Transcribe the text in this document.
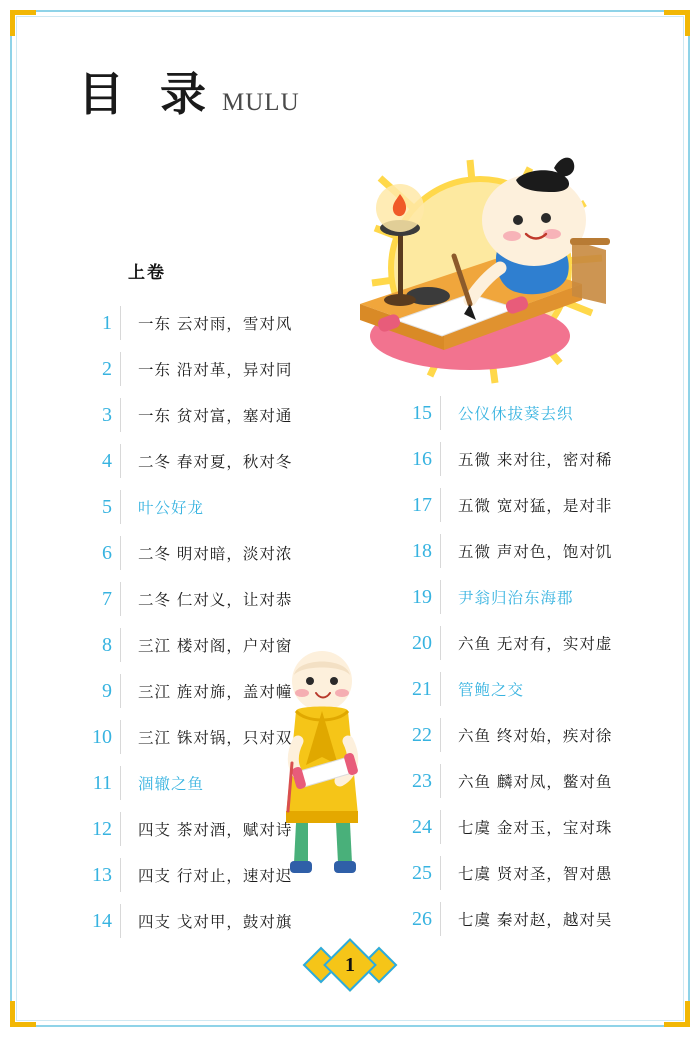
目 录 MULU
上卷
1	一东 云对雨，雪对风
2	一东 沿对革，异对同
3	一东 贫对富，塞对通
4	二冬 春对夏，秋对冬
5	叶公好龙
6	二冬 明对暗，淡对浓
7	二冬 仁对义，让对恭
8	三江 楼对阁，户对窗
9	三江 旌对旆，盖对幢
10	三江 铢对锅，只对双
11	涸辙之鱼
12	四支 茶对酒，赋对诗
13	四支 行对止，速对迟
14	四支 戈对甲，鼓对旗
15	公仪休拔葵去织
16	五微 来对往，密对稀
17	五微 宽对猛，是对非
18	五微 声对色，饱对饥
19	尹翁归治东海郡
20	六鱼 无对有，实对虚
21	管鲍之交
22	六鱼 终对始，疾对徐
23	六鱼 麟对凤，鳖对鱼
24	七虞 金对玉，宝对珠
25	七虞 贤对圣，智对愚
26	七虞 秦对赵，越对吴
1
